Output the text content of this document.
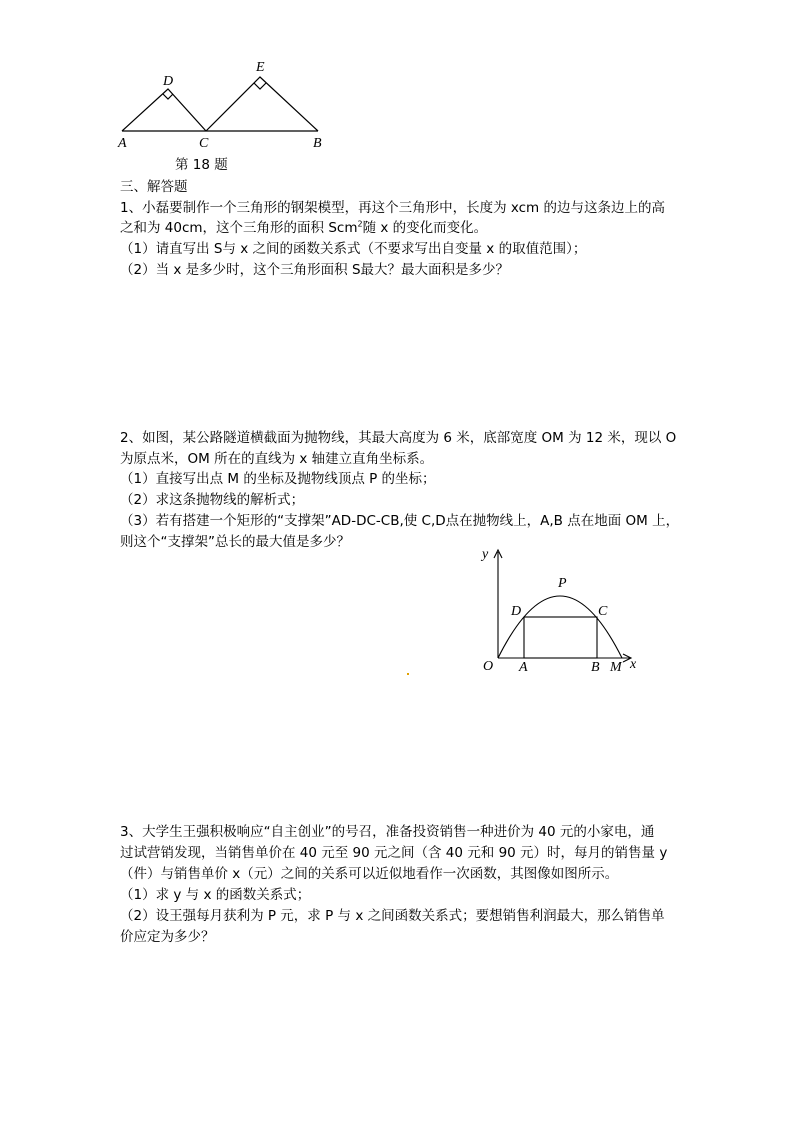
A	C	B
D
E
第 18 题
三、解答题
1、小磊要制作一个三角形的钢架模型，再这个三角形中，长度为 xcm 的边与这条边上的高
之和为 40cm，这个三角形的面积 Scm$^2$随 x 的变化而变化。
（1）请直写出 S与 x 之间的函数关系式（不要求写出自变量 x 的取值范围）；
（2）当 x 是多少时，这个三角形面积 S最大？最大面积是多少？
2、如图，某公路隧道横截面为抛物线，其最大高度为 6 米，底部宽度 OM 为 12 米，现以 O
为原点米，OM 所在的直线为 x 轴建立直角坐标系。
（1）直接写出点 M 的坐标及抛物线顶点 P 的坐标；
（2）求这条抛物线的解析式；
（3）若有搭建一个矩形的“支撑架”AD-DC-CB,使 C,D点在抛物线上，A,B 点在地面 OM 上，
则这个“支撑架”总长的最大值是多少？
y
x
O A	B M
P
C
D
3、大学生王强积极响应“自主创业”的号召，准备投资销售一种进价为 40 元的小家电，通
过试营销发现，当销售单价在 40 元至 90 元之间（含 40 元和 90 元）时，每月的销售量 y
（件）与销售单价 x（元）之间的关系可以近似地看作一次函数，其图像如图所示。
（1）求 y 与 x 的函数关系式；
（2）设王强每月获利为 P 元，求 P 与 x 之间函数关系式；要想销售利润最大，那么销售单
价应定为多少？
